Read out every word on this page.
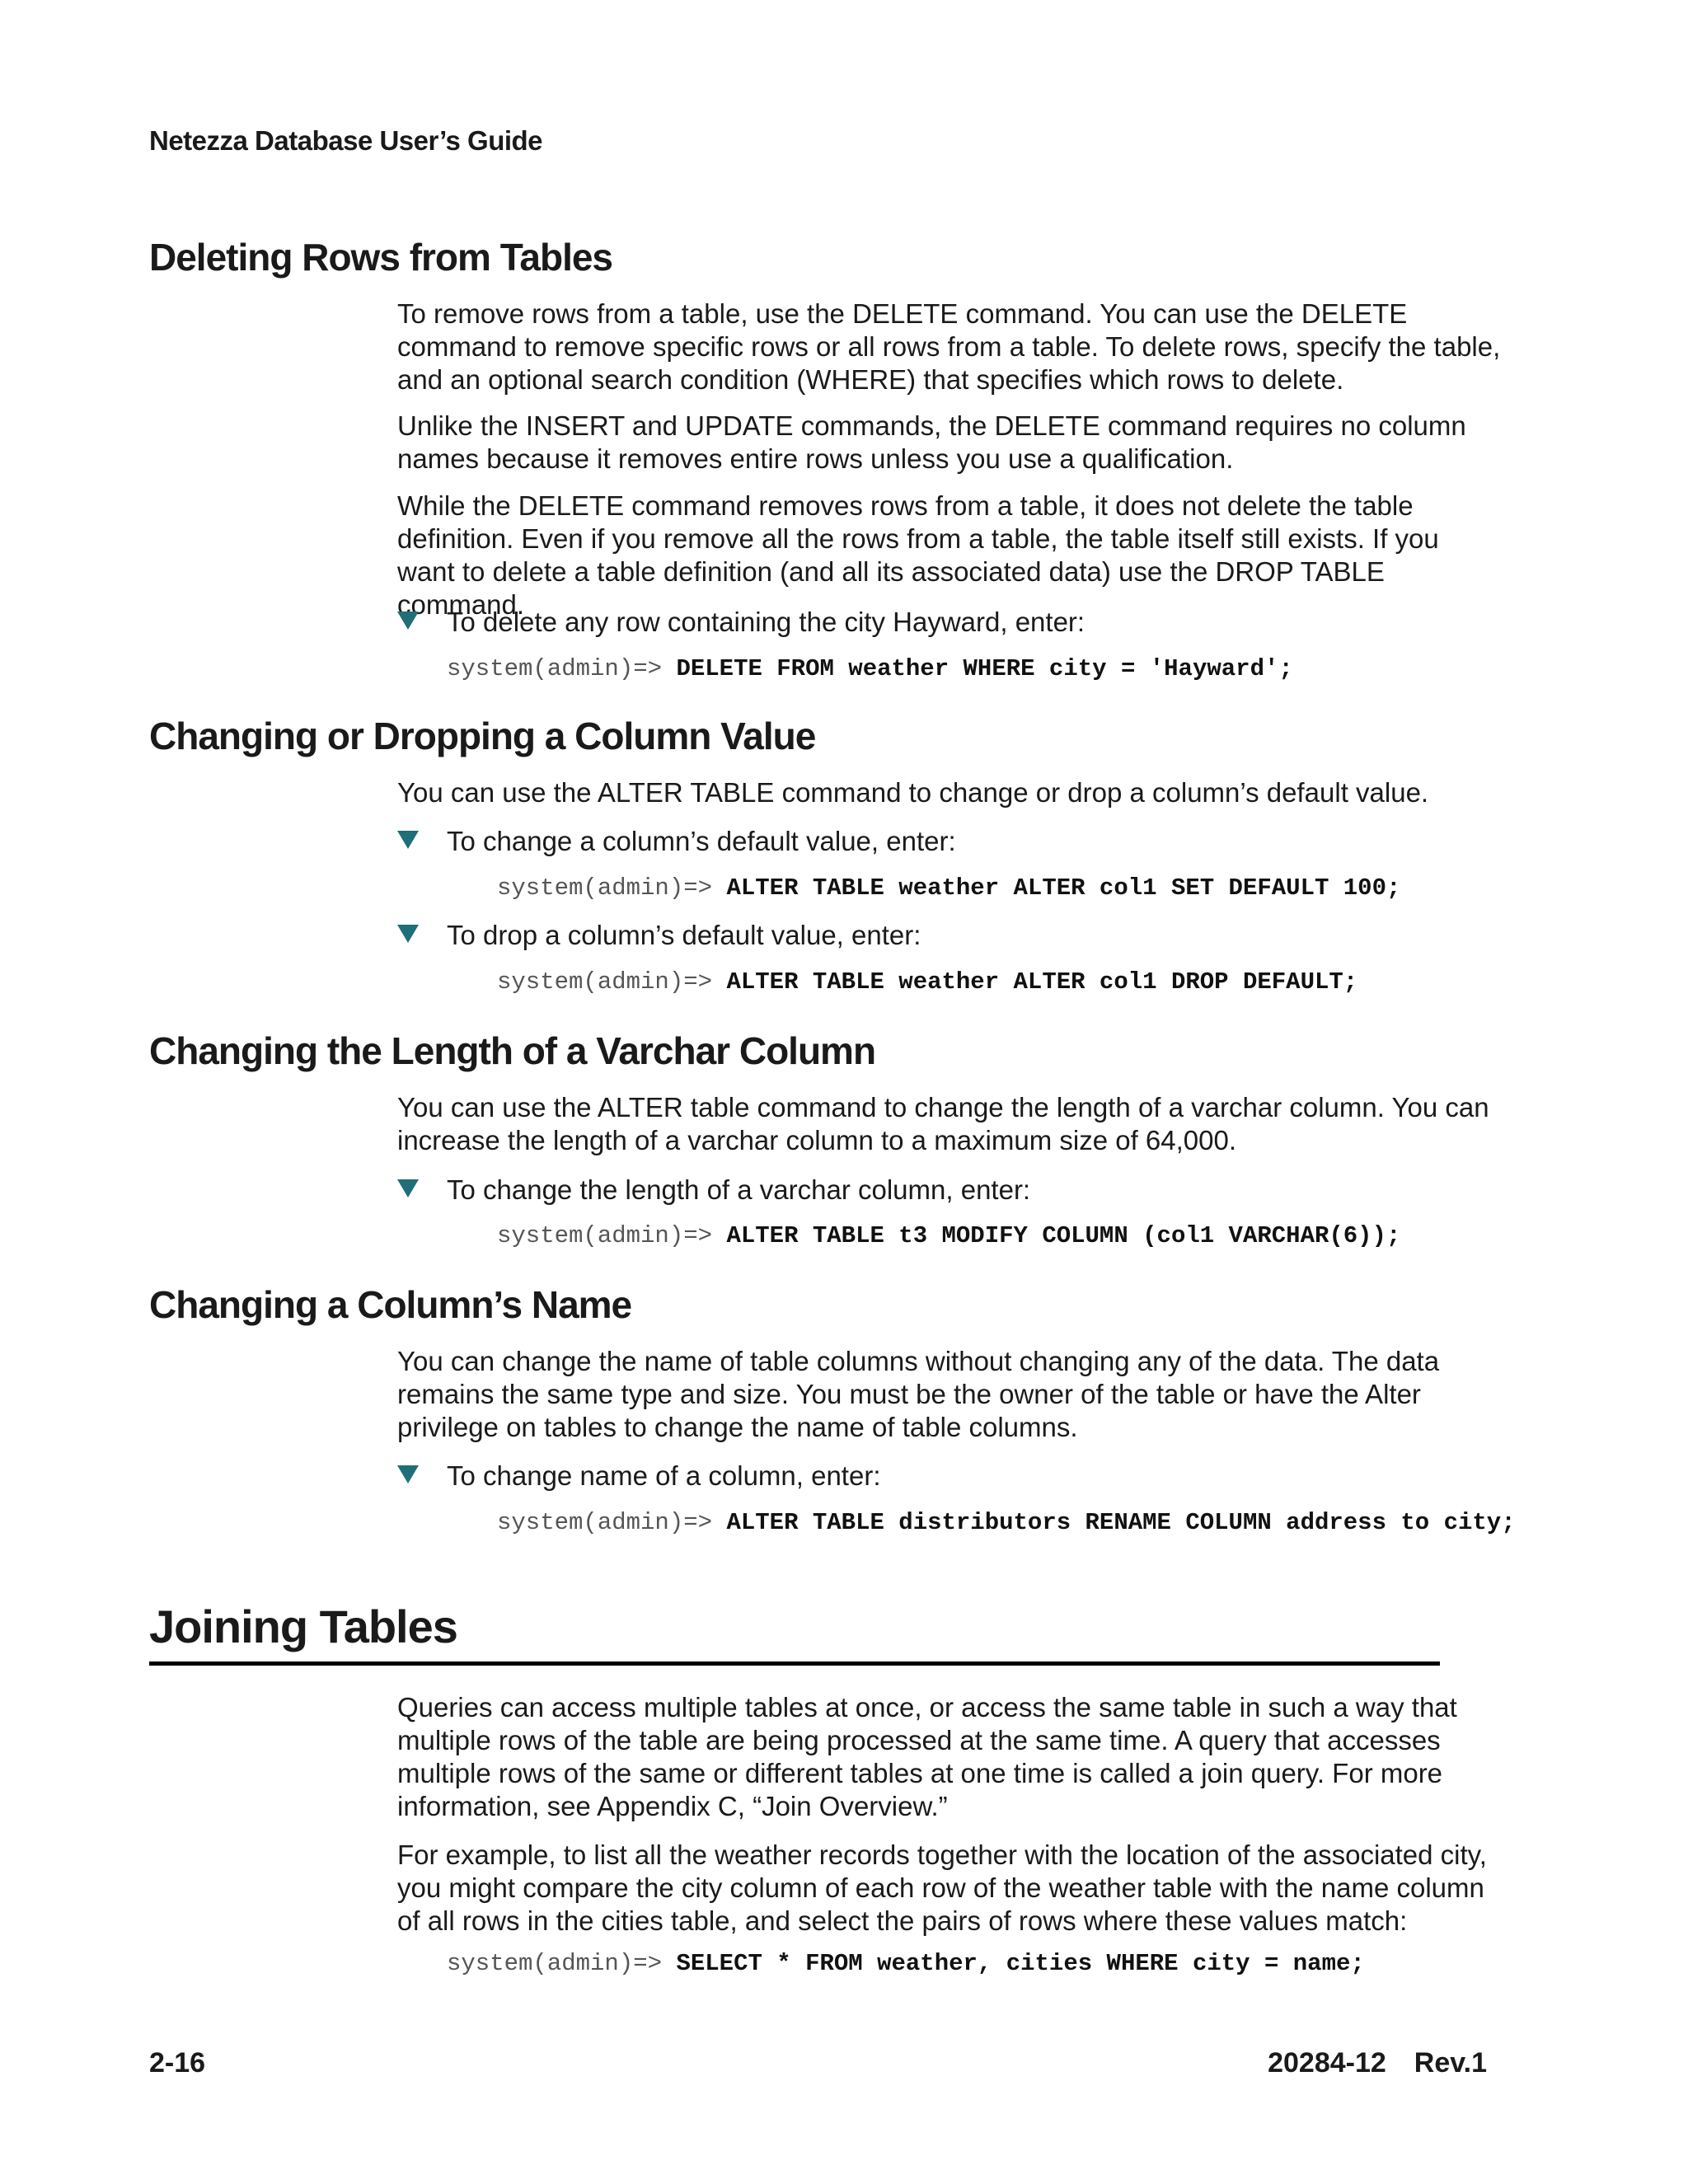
Netezza Database User’s Guide
Deleting Rows from Tables
To remove rows from a table, use the DELETE command. You can use the DELETE command to remove specific rows or all rows from a table. To delete rows, specify the table, and an optional search condition (WHERE) that specifies which rows to delete.
Unlike the INSERT and UPDATE commands, the DELETE command requires no column names because it removes entire rows unless you use a qualification.
While the DELETE command removes rows from a table, it does not delete the table definition. Even if you remove all the rows from a table, the table itself still exists. If you want to delete a table definition (and all its associated data) use the DROP TABLE command.
To delete any row containing the city Hayward, enter:
system(admin)=> DELETE FROM weather WHERE city = 'Hayward';
Changing or Dropping a Column Value
You can use the ALTER TABLE command to change or drop a column’s default value.
To change a column’s default value, enter:
system(admin)=> ALTER TABLE weather ALTER col1 SET DEFAULT 100;
To drop a column’s default value, enter:
system(admin)=> ALTER TABLE weather ALTER col1 DROP DEFAULT;
Changing the Length of a Varchar Column
You can use the ALTER table command to change the length of a varchar column. You can increase the length of a varchar column to a maximum size of 64,000.
To change the length of a varchar column, enter:
system(admin)=> ALTER TABLE t3 MODIFY COLUMN (col1 VARCHAR(6));
Changing a Column’s Name
You can change the name of table columns without changing any of the data. The data remains the same type and size. You must be the owner of the table or have the Alter privilege on tables to change the name of table columns.
To change name of a column, enter:
system(admin)=> ALTER TABLE distributors RENAME COLUMN address to city;
Joining Tables
Queries can access multiple tables at once, or access the same table in such a way that multiple rows of the table are being processed at the same time. A query that accesses multiple rows of the same or different tables at one time is called a join query. For more information, see Appendix C, “Join Overview.”
For example, to list all the weather records together with the location of the associated city, you might compare the city column of each row of the weather table with the name column of all rows in the cities table, and select the pairs of rows where these values match:
system(admin)=> SELECT * FROM weather, cities WHERE city = name;
2-16	20284-12 Rev.1
